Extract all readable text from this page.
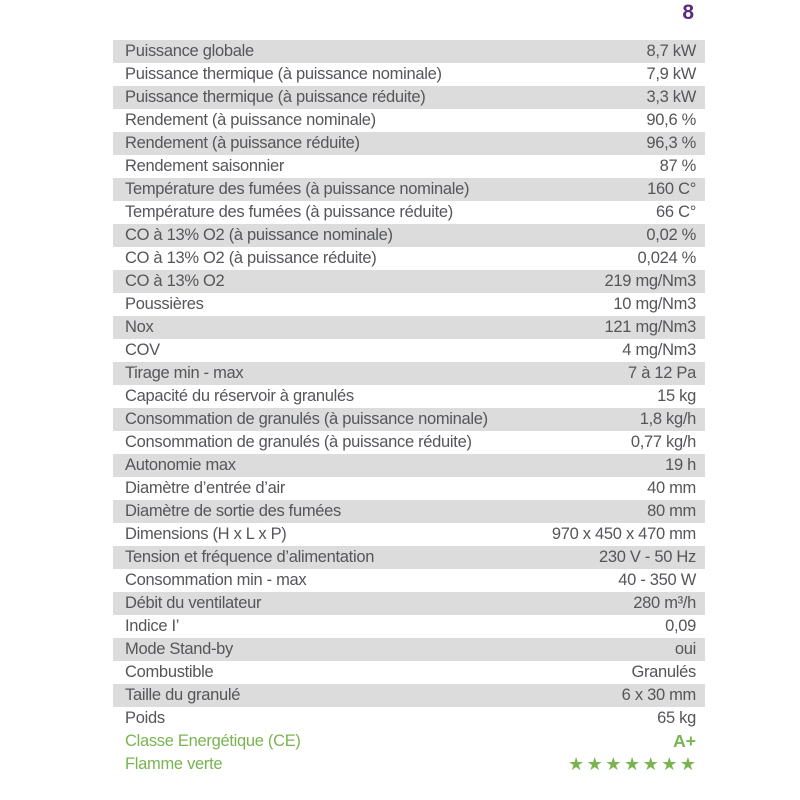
8
Puissance globale	8,7 kW
Puissance thermique (à puissance nominale)	7,9 kW
Puissance thermique (à puissance réduite)	3,3 kW
Rendement (à puissance nominale)	90,6 %
Rendement (à puissance réduite)	96,3 %
Rendement saisonnier	87 %
Température des fumées (à puissance nominale)	160 C°
Température des fumées (à puissance réduite)	66 C°
CO à 13% O2 (à puissance nominale)	0,02 %
CO à 13% O2 (à puissance réduite)	0,024 %
CO à 13% O2	219 mg/Nm3
Poussières	10 mg/Nm3
Nox	121 mg/Nm3
COV	4 mg/Nm3
Tirage min - max	7 à 12 Pa
Capacité du réservoir à granulés	15 kg
Consommation de granulés (à puissance nominale)	1,8 kg/h
Consommation de granulés (à puissance réduite)	0,77 kg/h
Autonomie max	19 h
Diamètre d’entrée d’air	40 mm
Diamètre de sortie des fumées	80 mm
Dimensions (H x L x P)	970 x 450 x 470 mm
Tension et fréquence d’alimentation	230 V - 50 Hz
Consommation min - max	40 - 350 W
Débit du ventilateur	280 m³/h
Indice I’	0,09
Mode Stand-by	oui
Combustible	Granulés
Taille du granulé	6 x 30 mm
Poids	65 kg
Classe Energétique (CE)	A+
Flamme verte	★★★★★★★
